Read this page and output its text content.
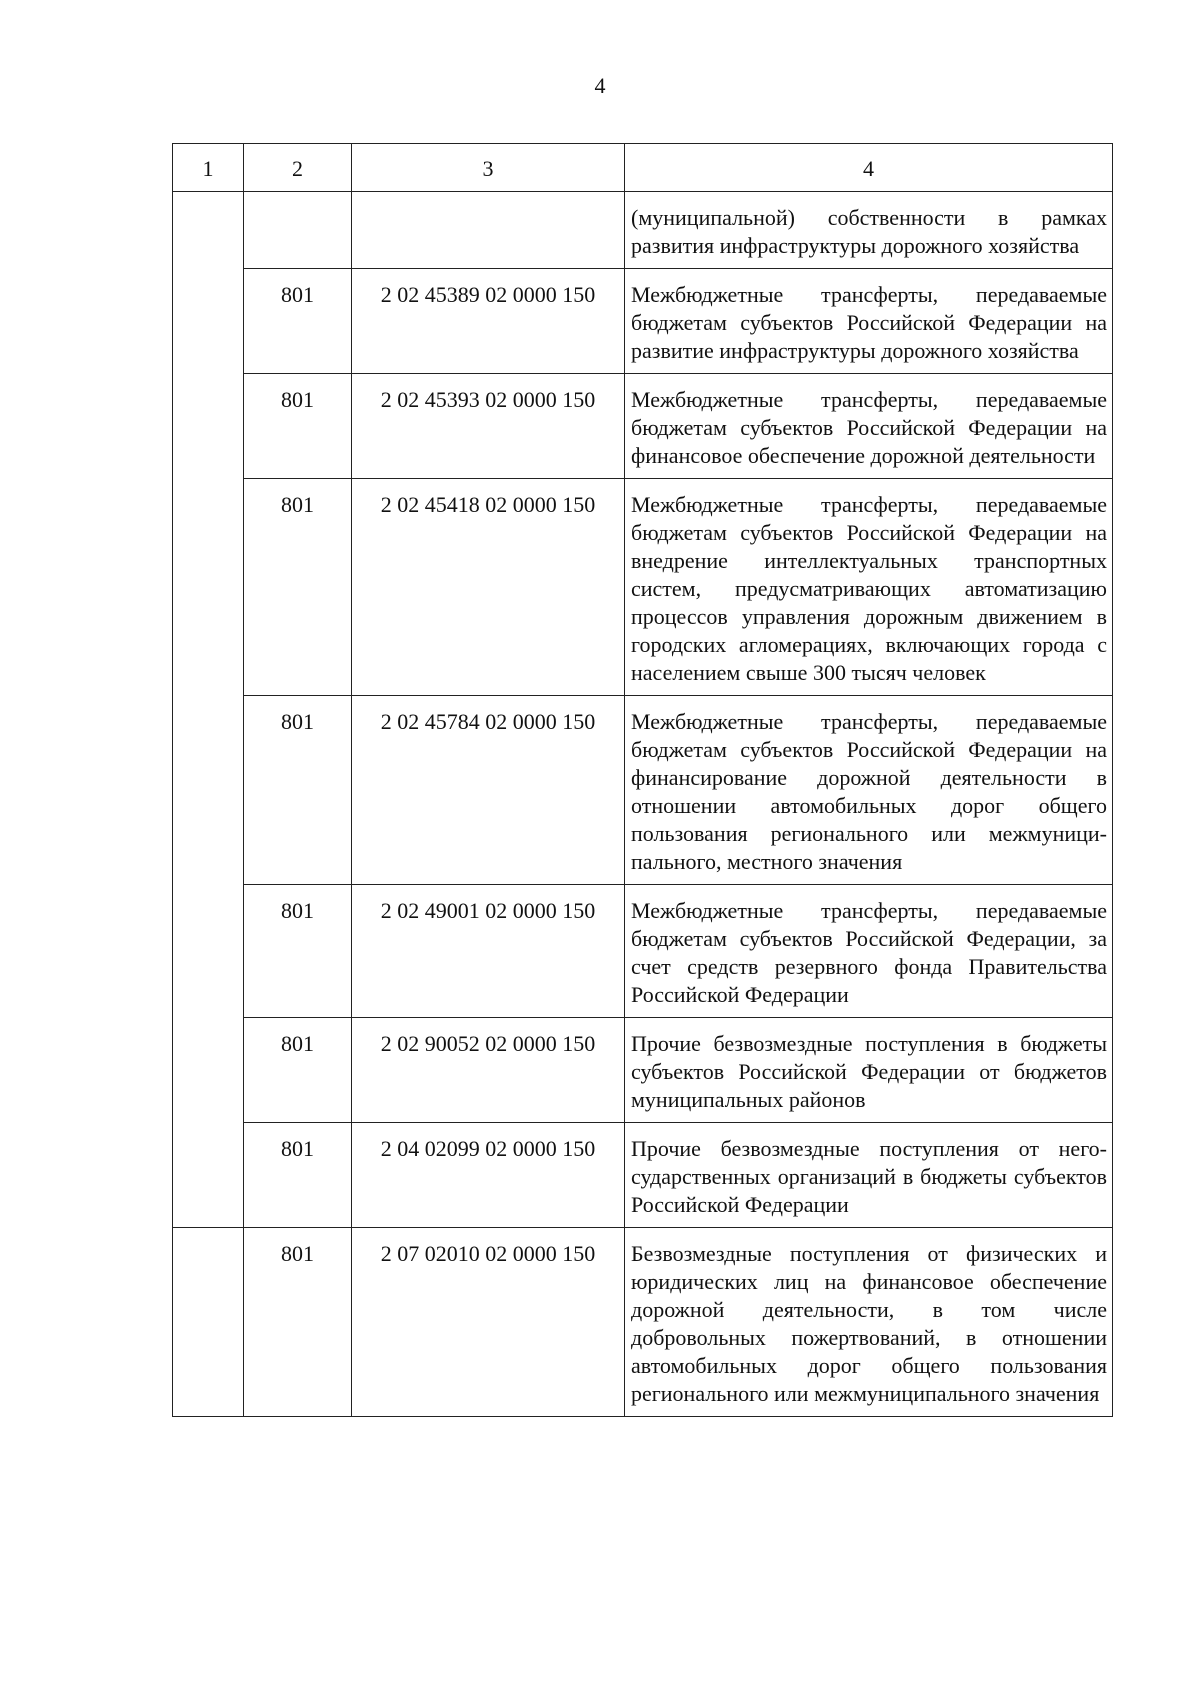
4
1	2	3	4
			(муниципальной) собственности в рамках развития инфраструктуры дорожного хозяйства
	801	2 02 45389 02 0000 150	Межбюджетные трансферты, передаваемые бюджетам субъектов Российской Федерации на развитие инфраструктуры дорожного хозяйства
	801	2 02 45393 02 0000 150	Межбюджетные трансферты, передаваемые бюджетам субъектов Российской Федерации на финансовое обеспечение дорожной деятельности
	801	2 02 45418 02 0000 150	Межбюджетные трансферты, передаваемые бюджетам субъектов Российской Федерации на внедрение интеллектуальных транспортных систем, предусматривающих автоматизацию процессов управления дорожным движением в городских агломерациях, включающих города с населением свыше 300 тысяч человек
	801	2 02 45784 02 0000 150	Межбюджетные трансферты, передаваемые бюджетам субъектов Российской Федерации на финансирование дорожной деятельности в отношении автомобильных дорог общего пользования регионального или межмуниципального, местного значения
	801	2 02 49001 02 0000 150	Межбюджетные трансферты, передаваемые бюджетам субъектов Российской Федерации, за счет средств резервного фонда Правительства Российской Федерации
	801	2 02 90052 02 0000 150	Прочие безвозмездные поступления в бюджеты субъектов Российской Федерации от бюджетов муниципальных районов
	801	2 04 02099 02 0000 150	Прочие безвозмездные поступления от негосударственных организаций в бюджеты субъектов Российской Федерации
	801	2 07 02010 02 0000 150	Безвозмездные поступления от физических и юридических лиц на финансовое обеспечение дорожной деятельности, в том числе добровольных пожертвований, в отношении автомобильных дорог общего пользования регионального или межмуниципального значения
